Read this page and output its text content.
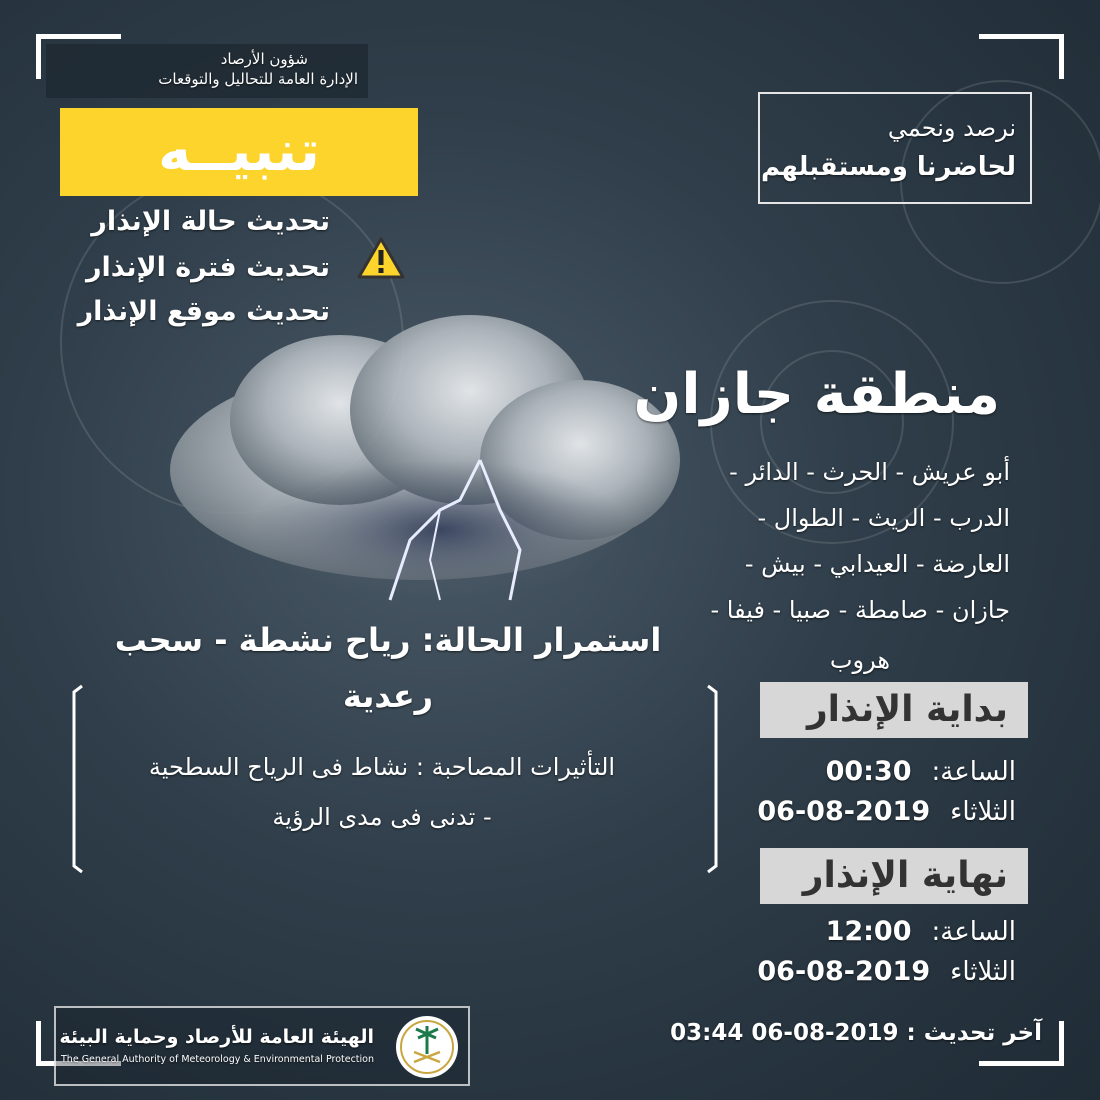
شؤون الأرصاد
الإدارة العامة للتحاليل والتوقعات
تنبيــه
تحديث حالة الإنذار
تحديث فترة الإنذار
تحديث موقع الإنذار
نرصد ونحمي
لحاضرنا ومستقبلهم
منطقة جازان
أبو عريش - الحرث - الدائر -
الدرب - الريث - الطوال -
العارضة - العيدابي - بيش -
جازان - صامطة - صبيا - فيفا -
هروب
استمرار الحالة: رياح نشطة - سحب
رعدية
التأثيرات المصاحبة : نشاط فى الرياح السطحية
- تدنى فى مدى الرؤية
بداية الإنذار
الساعة:00:30
الثلاثاء2019-08-06
نهاية الإنذار
الساعة:12:00
الثلاثاء2019-08-06
الهيئة العامة للأرصاد وحماية البيئة
The General Authority of Meteorology & Environmental Protection
آخر تحديث : 2019-08-06 03:44
